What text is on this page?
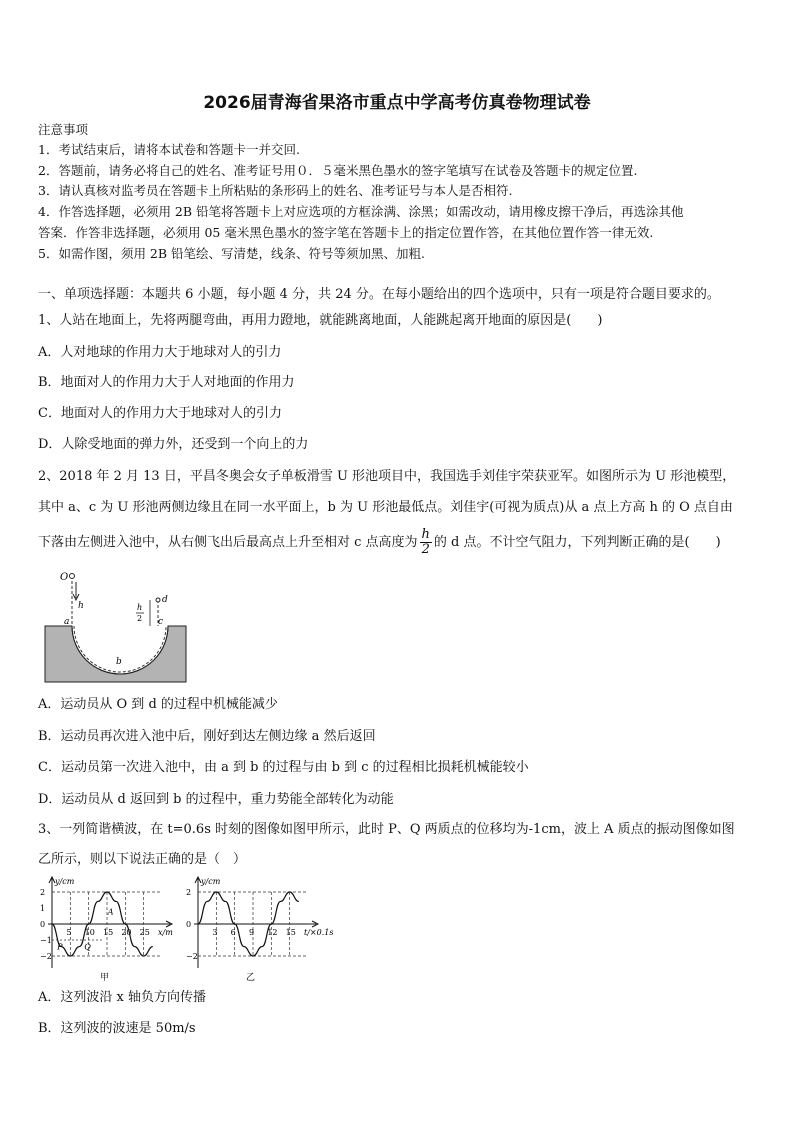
2026届青海省果洛市重点中学高考仿真卷物理试卷
注意事项
1．考试结束后，请将本试卷和答题卡一并交回.
2．答题前，请务必将自己的姓名、准考证号用０．５毫米黑色墨水的签字笔填写在试卷及答题卡的规定位置.
3．请认真核对监考员在答题卡上所粘贴的条形码上的姓名、准考证号与本人是否相符.
4．作答选择题，必须用 2B 铅笔将答题卡上对应选项的方框涂满、涂黑；如需改动，请用橡皮擦干净后，再选涂其他
答案．作答非选择题，必须用 05 毫米黑色墨水的签字笔在答题卡上的指定位置作答，在其他位置作答一律无效.
5．如需作图，须用 2B 铅笔绘、写清楚，线条、符号等须加黑、加粗.
一、单项选择题：本题共 6 小题，每小题 4 分，共 24 分。在每小题给出的四个选项中，只有一项是符合题目要求的。
1、人站在地面上，先将两腿弯曲，再用力蹬地，就能跳离地面，人能跳起离开地面的原因是(　　)
A．人对地球的作用力大于地球对人的引力
B．地面对人的作用力大于人对地面的作用力
C．地面对人的作用力大于地球对人的引力
D．人除受地面的弹力外，还受到一个向上的力
2、2018 年 2 月 13 日，平昌冬奥会女子单板滑雪 U 形池项目中，我国选手刘佳宇荣获亚军。如图所示为 U 形池模型，
其中 a、c 为 U 形池两侧边缘且在同一水平面上，b 为 U 形池最低点。刘佳宇(可视为质点)从 a 点上方高 h 的 O 点自由
下落由左侧进入池中，从右侧飞出后最高点上升至相对 c 点高度为 $\frac{h}{2}$ 的 d 点。不计空气阻力，下列判断正确的是(　　)
O
h
a
b
c
d
h
2
A．运动员从 O 到 d 的过程中机械能减少
B．运动员再次进入池中后，刚好到达左侧边缘 a 然后返回
C．运动员第一次进入池中，由 a 到 b 的过程与由 b 到 c 的过程相比损耗机械能较小
D．运动员从 d 返回到 b 的过程中，重力势能全部转化为动能
3、一列简谐横波，在 t=0.6s 时刻的图像如图甲所示，此时 P、Q 两质点的位移均为-1cm，波上 A 质点的振动图像如图
乙所示，则以下说法正确的是（　）
y/cm
x/m
2
1
0
−1
−2
5 10 15 20 25
甲
A
P	Q
y/cm
t/×0.1s
2
0
−2
3 6 9 12 15
乙
A．这列波沿 x 轴负方向传播
B．这列波的波速是 50m/s
